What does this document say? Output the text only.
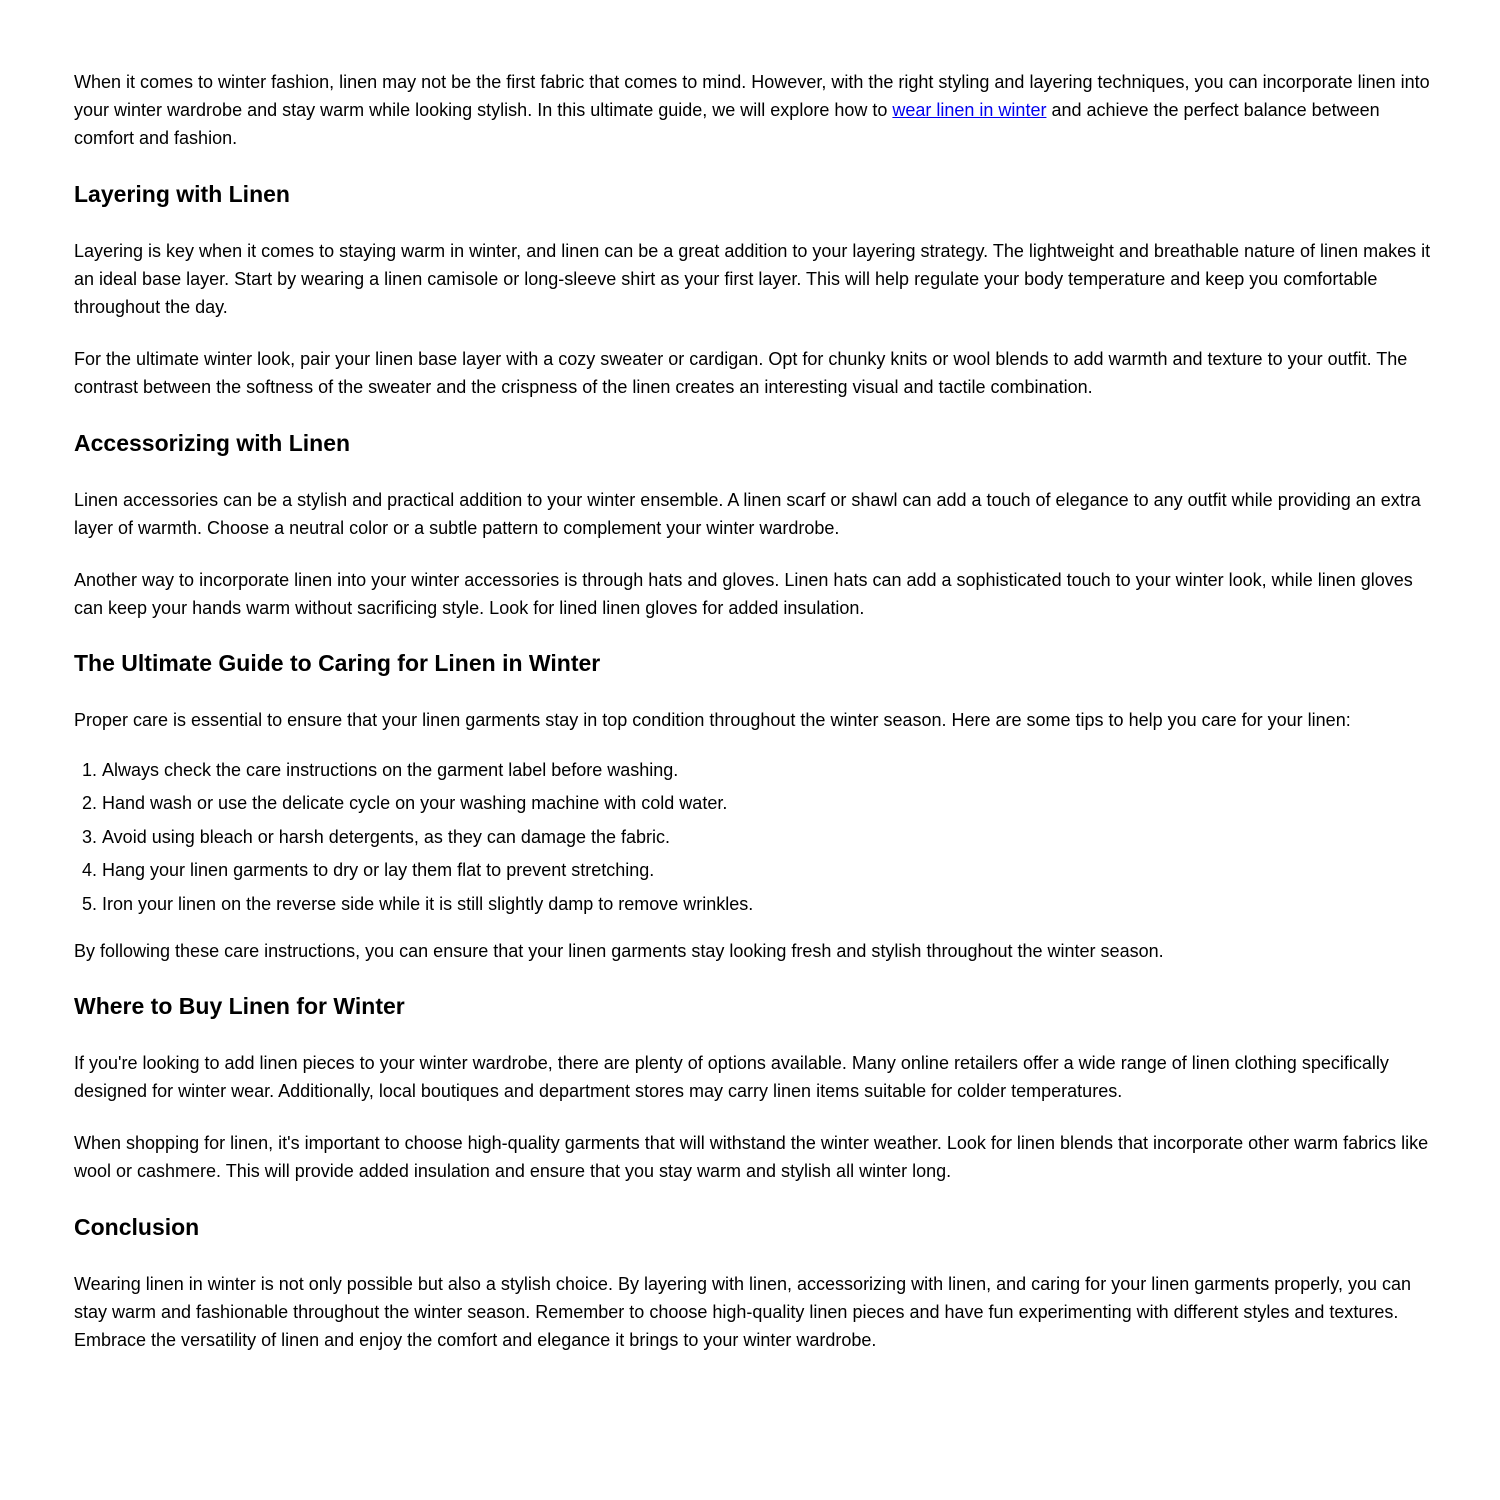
When it comes to winter fashion, linen may not be the first fabric that comes to mind. However, with the right styling and layering techniques, you can incorporate linen into your winter wardrobe and stay warm while looking stylish. In this ultimate guide, we will explore how to wear linen in winter and achieve the perfect balance between comfort and fashion.

Layering with Linen

Layering is key when it comes to staying warm in winter, and linen can be a great addition to your layering strategy. The lightweight and breathable nature of linen makes it an ideal base layer. Start by wearing a linen camisole or long-sleeve shirt as your first layer. This will help regulate your body temperature and keep you comfortable throughout the day.

For the ultimate winter look, pair your linen base layer with a cozy sweater or cardigan. Opt for chunky knits or wool blends to add warmth and texture to your outfit. The contrast between the softness of the sweater and the crispness of the linen creates an interesting visual and tactile combination.

Accessorizing with Linen

Linen accessories can be a stylish and practical addition to your winter ensemble. A linen scarf or shawl can add a touch of elegance to any outfit while providing an extra layer of warmth. Choose a neutral color or a subtle pattern to complement your winter wardrobe.

Another way to incorporate linen into your winter accessories is through hats and gloves. Linen hats can add a sophisticated touch to your winter look, while linen gloves can keep your hands warm without sacrificing style. Look for lined linen gloves for added insulation.

The Ultimate Guide to Caring for Linen in Winter

Proper care is essential to ensure that your linen garments stay in top condition throughout the winter season. Here are some tips to help you care for your linen:

1. Always check the care instructions on the garment label before washing.
2. Hand wash or use the delicate cycle on your washing machine with cold water.
3. Avoid using bleach or harsh detergents, as they can damage the fabric.
4. Hang your linen garments to dry or lay them flat to prevent stretching.
5. Iron your linen on the reverse side while it is still slightly damp to remove wrinkles.

By following these care instructions, you can ensure that your linen garments stay looking fresh and stylish throughout the winter season.

Where to Buy Linen for Winter

If you're looking to add linen pieces to your winter wardrobe, there are plenty of options available. Many online retailers offer a wide range of linen clothing specifically designed for winter wear. Additionally, local boutiques and department stores may carry linen items suitable for colder temperatures.

When shopping for linen, it's important to choose high-quality garments that will withstand the winter weather. Look for linen blends that incorporate other warm fabrics like wool or cashmere. This will provide added insulation and ensure that you stay warm and stylish all winter long.

Conclusion

Wearing linen in winter is not only possible but also a stylish choice. By layering with linen, accessorizing with linen, and caring for your linen garments properly, you can stay warm and fashionable throughout the winter season. Remember to choose high-quality linen pieces and have fun experimenting with different styles and textures. Embrace the versatility of linen and enjoy the comfort and elegance it brings to your winter wardrobe.
